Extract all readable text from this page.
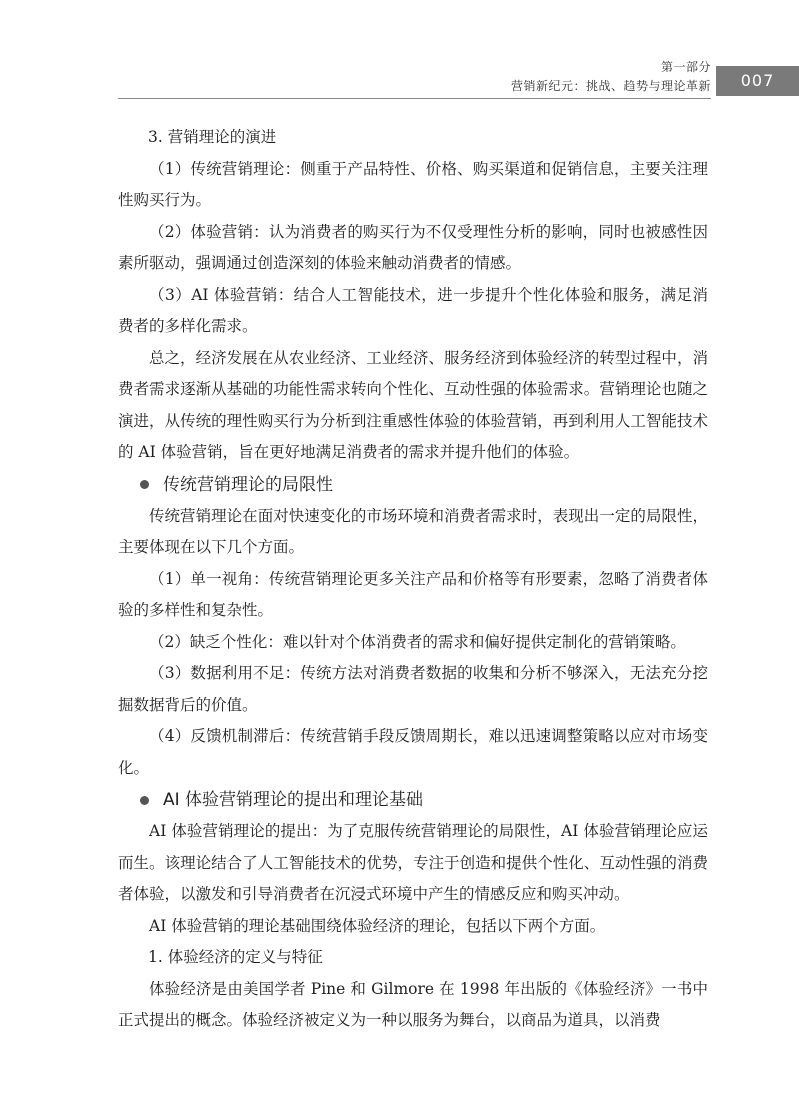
第一部分
营销新纪元：挑战、趋势与理论革新	007

3. 营销理论的演进

（1）传统营销理论：侧重于产品特性、价格、购买渠道和促销信息，主要关注理性购买行为。

（2）体验营销：认为消费者的购买行为不仅受理性分析的影响，同时也被感性因素所驱动，强调通过创造深刻的体验来触动消费者的情感。

（3）AI 体验营销：结合人工智能技术，进一步提升个性化体验和服务，满足消费者的多样化需求。

总之，经济发展在从农业经济、工业经济、服务经济到体验经济的转型过程中，消费者需求逐渐从基础的功能性需求转向个性化、互动性强的体验需求。营销理论也随之演进，从传统的理性购买行为分析到注重感性体验的体验营销，再到利用人工智能技术的 AI 体验营销，旨在更好地满足消费者的需求并提升他们的体验。

传统营销理论的局限性

传统营销理论在面对快速变化的市场环境和消费者需求时，表现出一定的局限性，主要体现在以下几个方面。

（1）单一视角：传统营销理论更多关注产品和价格等有形要素，忽略了消费者体验的多样性和复杂性。

（2）缺乏个性化：难以针对个体消费者的需求和偏好提供定制化的营销策略。

（3）数据利用不足：传统方法对消费者数据的收集和分析不够深入，无法充分挖掘数据背后的价值。

（4）反馈机制滞后：传统营销手段反馈周期长，难以迅速调整策略以应对市场变化。

AI 体验营销理论的提出和理论基础

AI 体验营销理论的提出：为了克服传统营销理论的局限性，AI 体验营销理论应运而生。该理论结合了人工智能技术的优势，专注于创造和提供个性化、互动性强的消费者体验，以激发和引导消费者在沉浸式环境中产生的情感反应和购买冲动。

AI 体验营销的理论基础围绕体验经济的理论，包括以下两个方面。

1. 体验经济的定义与特征

体验经济是由美国学者 Pine 和 Gilmore 在 1998 年出版的《体验经济》一书中正式提出的概念。体验经济被定义为一种以服务为舞台，以商品为道具，以消费
